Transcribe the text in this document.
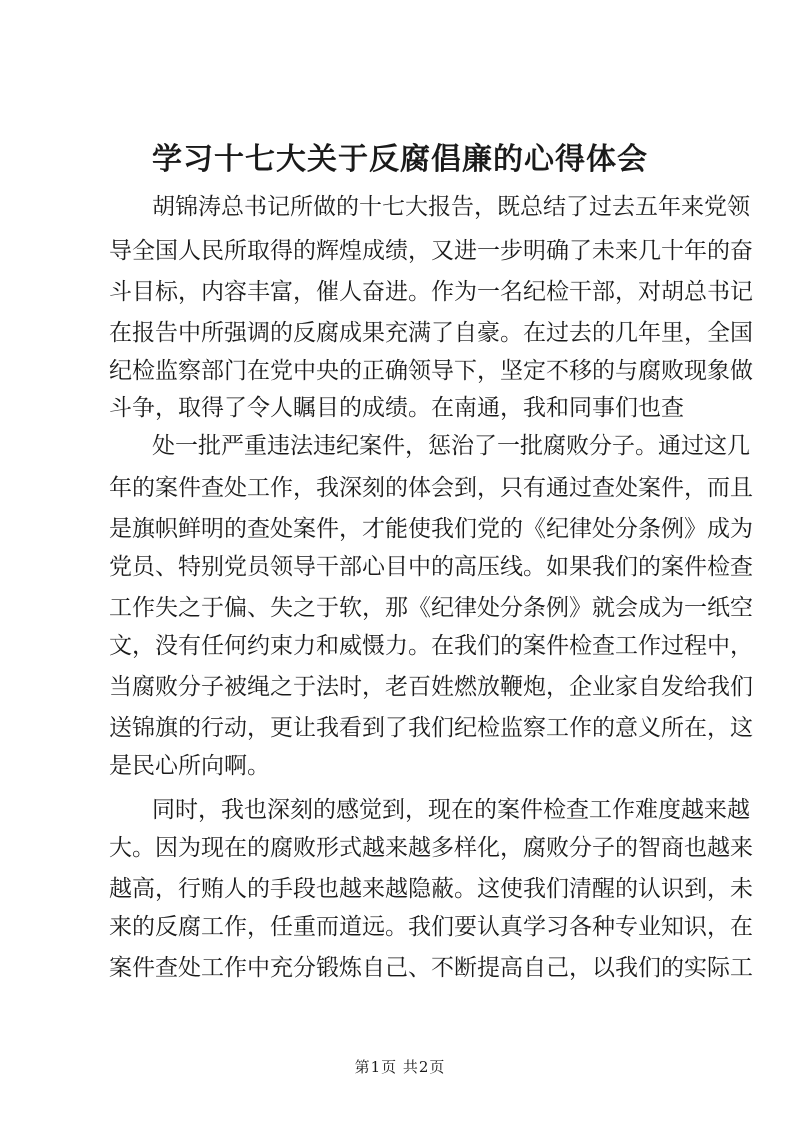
学习十七大关于反腐倡廉的心得体会
胡锦涛总书记所做的十七大报告，既总结了过去五年来党领
导全国人民所取得的辉煌成绩，又进一步明确了未来几十年的奋
斗目标，内容丰富，催人奋进。作为一名纪检干部，对胡总书记
在报告中所强调的反腐成果充满了自豪。在过去的几年里，全国
纪检监察部门在党中央的正确领导下，坚定不移的与腐败现象做
斗争，取得了令人瞩目的成绩。在南通，我和同事们也查
处一批严重违法违纪案件，惩治了一批腐败分子。通过这几
年的案件查处工作，我深刻的体会到，只有通过查处案件，而且
是旗帜鲜明的查处案件，才能使我们党的《纪律处分条例》成为
党员、特别党员领导干部心目中的高压线。如果我们的案件检查
工作失之于偏、失之于软，那《纪律处分条例》就会成为一纸空
文，没有任何约束力和威慑力。在我们的案件检查工作过程中，
当腐败分子被绳之于法时，老百姓燃放鞭炮，企业家自发给我们
送锦旗的行动，更让我看到了我们纪检监察工作的意义所在，这
是民心所向啊。
同时，我也深刻的感觉到，现在的案件检查工作难度越来越
大。因为现在的腐败形式越来越多样化，腐败分子的智商也越来
越高，行贿人的手段也越来越隐蔽。这使我们清醒的认识到，未
来的反腐工作，任重而道远。我们要认真学习各种专业知识，在
案件查处工作中充分锻炼自己、不断提高自己，以我们的实际工
第1页 共2页
